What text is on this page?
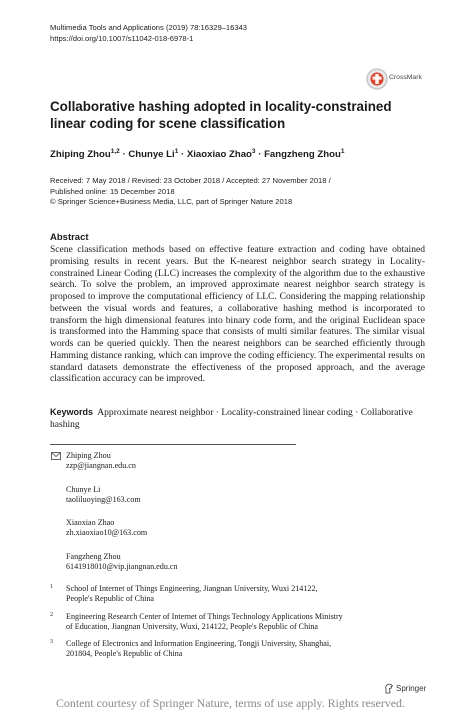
Multimedia Tools and Applications (2019) 78:16329–16343
https://doi.org/10.1007/s11042-018-6978-1
CrossMark
Collaborative hashing adopted in locality-constrained linear coding for scene classification
Zhiping Zhou$^{1,2}$ · Chunye $Li^1$ · Xiaoxiao Zhao$^3$ · Fangzheng Zhou$^1$
Received: 7 May 2018 / Revised: 23 October 2018 / Accepted: 27 November 2018 /
Published online: 15 December 2018
© Springer Science+Business Media, LLC, part of Springer Nature 2018
Abstract
Scene classification methods based on effective feature extraction and coding have obtained promising results in recent years. But the K-nearest neighbor search strategy in Locality-constrained Linear Coding (LLC) increases the complexity of the algorithm due to the exhaustive search. To solve the problem, an improved approximate nearest neighbor search strategy is proposed to improve the computational efficiency of LLC. Considering the mapping relationship between the visual words and features, a collaborative hashing method is incorporated to transform the high dimensional features into binary code form, and the original Euclidean space is transformed into the Hamming space that consists of multi similar features. The similar visual words can be queried quickly. Then the nearest neighbors can be searched efficiently through Hamming distance ranking, which can improve the coding efficiency. The experimental results on standard datasets demonstrate the effectiveness of the proposed approach, and the average classification accuracy can be improved.
Keywords Approximate nearest neighbor · Locality-constrained linear coding · Collaborative hashing
Zhiping Zhou
zzp@jiangnan.edu.cn
Chunye Li
taoliluoying@163.com
Xiaoxiao Zhao
zh.xiaoxiao10@163.com
Fangzheng Zhou
6141918010@vip.jiangnan.edu.cn
1 School of Internet of Things Engineering, Jiangnan University, Wuxi 214122,
People's Republic of China
2 Engineering Research Center of Internet of Things Technology Applications Ministry
of Education, Jiangnan University, Wuxi, 214122, People's Republic of China
3 College of Electronics and Information Engineering, Tongji University, Shanghai,
201804, People's Republic of China
Springer
Content courtesy of Springer Nature, terms of use apply. Rights reserved.
